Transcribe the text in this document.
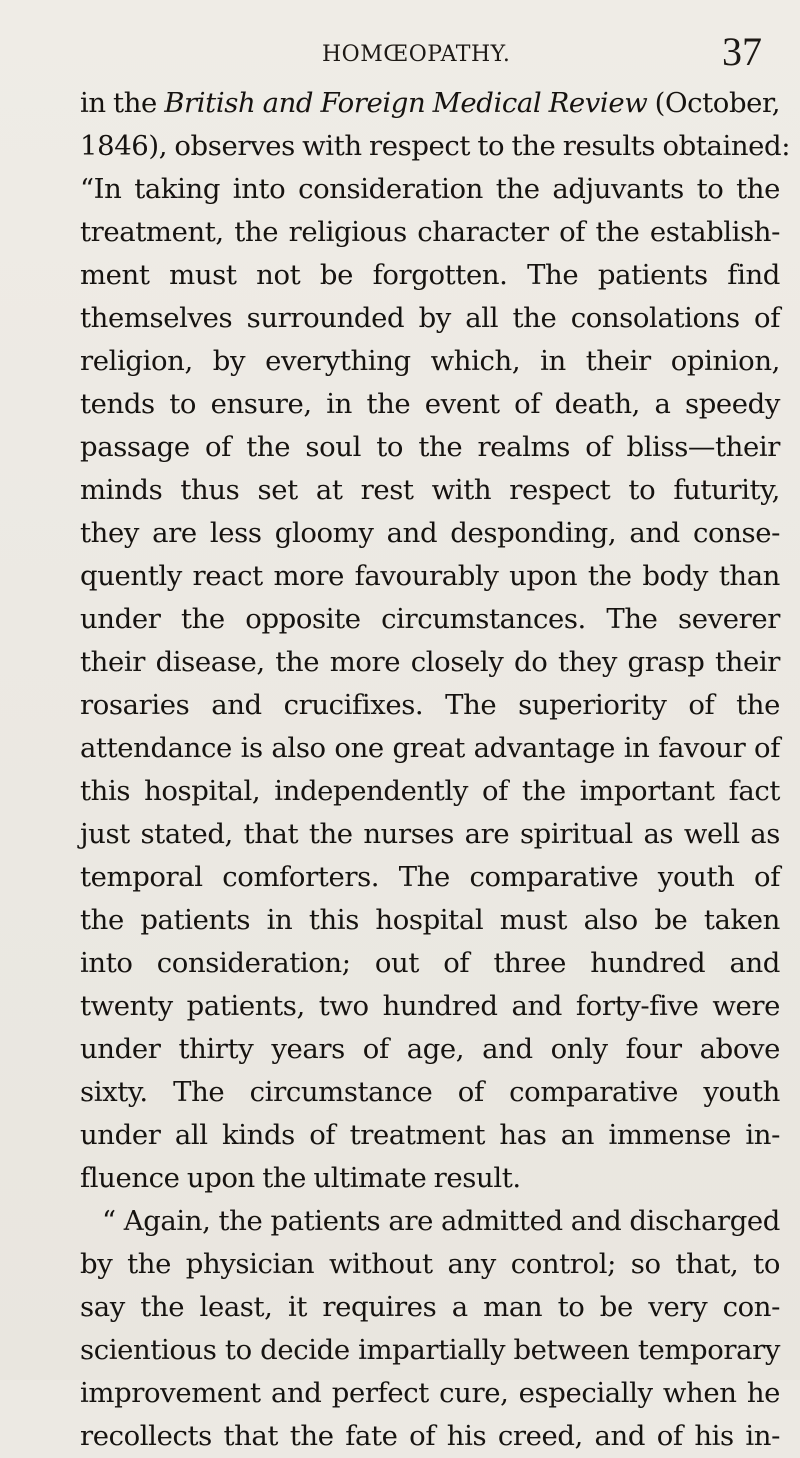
HOMŒOPATHY.	37
in the British and Foreign Medical Review (October,
1846), observes with respect to the results obtained:
“In taking into consideration the adjuvants to the
treatment, the religious character of the establish-
ment must not be forgotten. The patients find
themselves surrounded by all the consolations of
religion, by everything which, in their opinion,
tends to ensure, in the event of death, a speedy
passage of the soul to the realms of bliss—their
minds thus set at rest with respect to futurity,
they are less gloomy and desponding, and conse-
quently react more favourably upon the body than
under the opposite circumstances. The severer
their disease, the more closely do they grasp their
rosaries and crucifixes. The superiority of the
attendance is also one great advantage in favour of
this hospital, independently of the important fact
just stated, that the nurses are spiritual as well as
temporal comforters. The comparative youth of
the patients in this hospital must also be taken
into consideration; out of three hundred and
twenty patients, two hundred and forty-five were
under thirty years of age, and only four above
sixty. The circumstance of comparative youth
under all kinds of treatment has an immense in-
fluence upon the ultimate result.
“ Again, the patients are admitted and discharged
by the physician without any control; so that, to
say the least, it requires a man to be very con-
scientious to decide impartially between temporary
improvement and perfect cure, especially when he
recollects that the fate of his creed, and of his in-
